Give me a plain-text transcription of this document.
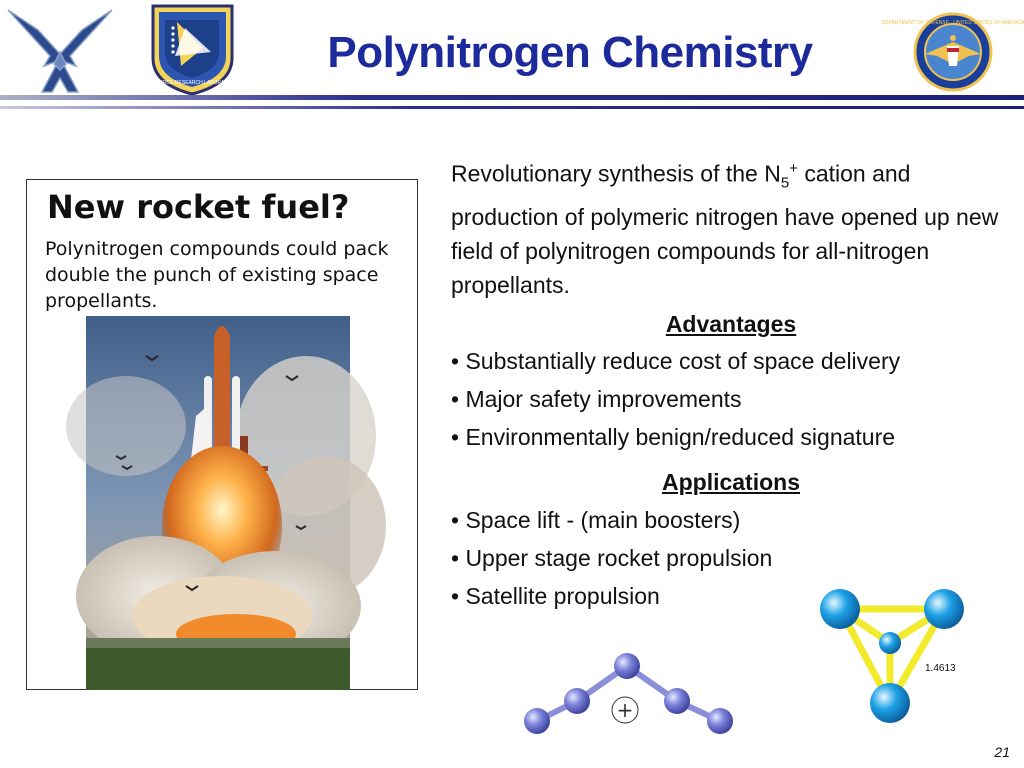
AIR FORCE RESEARCH LABORATORY
DEPARTMENT OF DEFENSE · UNITED STATES OF AMERICA
Polynitrogen Chemistry
New rocket fuel?
Polynitrogen compounds could pack double the punch of existing space propellants.
Revolutionary synthesis of the $N_5^+$ cation and production of polymeric nitrogen have opened up new field of polynitrogen compounds for all-nitrogen propellants.
Advantages
• Substantially reduce cost of space delivery
• Major safety improvements
• Environmentally benign/reduced signature
Applications
• Space lift - (main boosters)
• Upper stage rocket propulsion
• Satellite propulsion
+
1.4613
21
